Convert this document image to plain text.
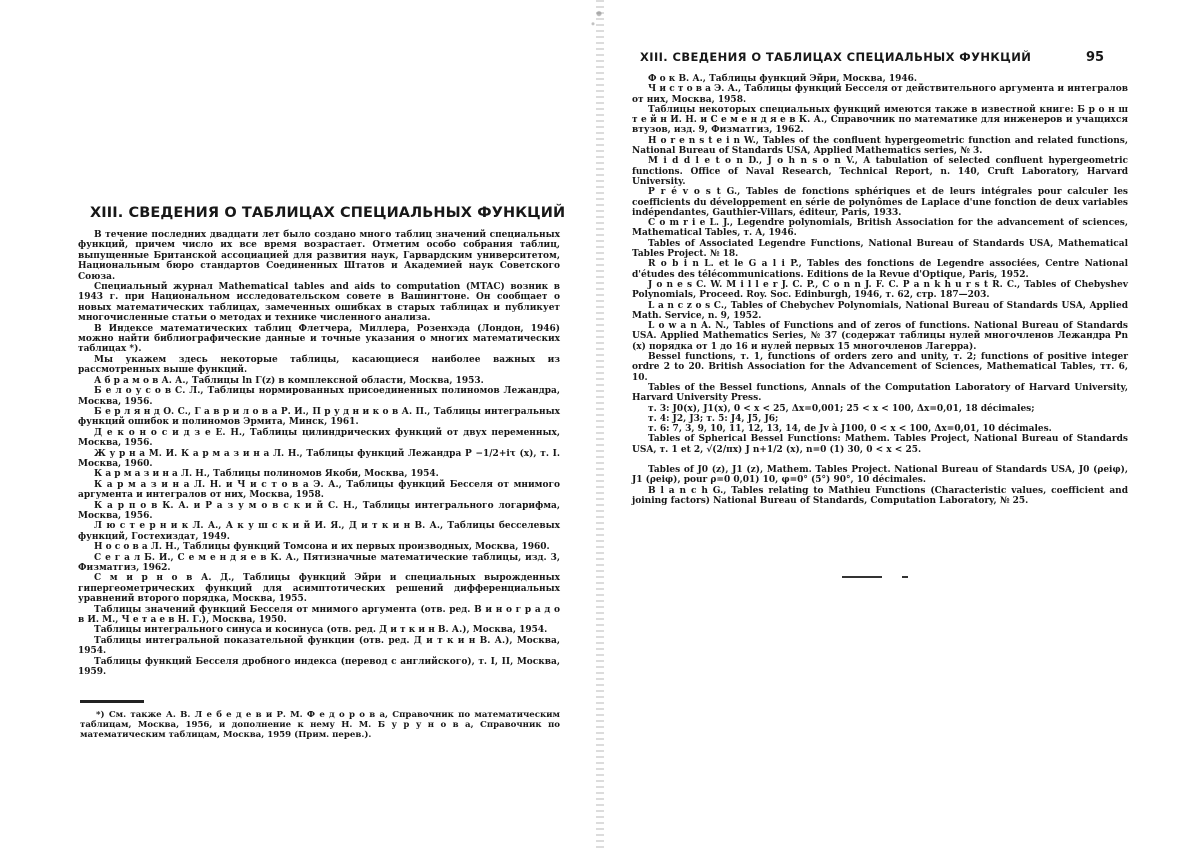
XIII. СВЕДЕНИЯ О ТАБЛИЦАХ СПЕЦИАЛЬНЫХ ФУНКЦИЙ

В течение последних двадцати лет было создано много таблиц значений специальных функций, причем число их все время возрастает. Отметим особо собрания таблиц, выпущенные Британской ассоциацией для развития наук, Гарвардским университетом, Национальным бюро стандартов Соединенных Штатов и Академией наук Советского Союза.

Специальный журнал Mathematical tables and aids to computation (MTAC) возник в 1943 г. при Национальном исследовательском совете в Вашингтоне. Он сообщает о новых математических таблицах, замеченных ошибках в старых таблицах и публикует многочисленные статьи о методах и технике численного анализа.

В Индексе математических таблиц Флетчера, Миллера, Розенхэда (Лондон, 1946) можно найти библиографические данные и точные указания о многих математических таблицах *).

Мы укажем здесь некоторые таблицы, касающиеся наиболее важных из рассмотренных выше функций.

А б р а м о в А. А., Таблицы ln Γ(z) в комплексной области, Москва, 1953.

Б е л о у с о в С. Л., Таблицы нормированных присоединенных полиномов Лежандра, Москва, 1956.

Б е р л я н д О. С., Г а в р и л о в а Р. И., П р у д н и к о в А. П., Таблицы интегральных функций ошибок и полиномов Эрмита, Минск, 1961.

Д е к о н о с и д з е Е. Н., Таблицы цилиндрических функций от двух переменных, Москва, 1956.

Ж у р н а М. И. К а р м а з и н а Л. Н., Таблицы функций Лежандра P −1/2+iτ (x), т. I. Москва, 1960.

К а р м а з и н а Л. Н., Таблицы полиномов Якоби, Москва, 1954.

К а р м а з и н а Л. Н. и Ч и с т о в а Э. А., Таблицы функций Бесселя от мнимого аргумента и интегралов от них, Москва, 1958.

К а р п о в К. А. и Р а з у м о в с к и й С. Н., Таблицы интегрального логарифма, Москва, 1956.

Л ю с т е р н и к Л. А., А к у ш с к и й И. Я., Д и т к и н В. А., Таблицы бесселевых функций, Гостехиздат, 1949.

Н о с о в а Л. Н., Таблицы функций Томсона и их первых производных, Москва, 1960.

С е г а л Б. И., С е м е н д я е в К. А., Пятизначные математические таблицы, изд. 3, Физматгиз, 1962.

С м и р н о в А. Д., Таблицы функций Эйри и специальных вырожденных гипергеометрических функций для асимптотических решений дифференциальных уравнений второго порядка, Москва, 1955.

Таблицы значений функций Бесселя от мнимого аргумента (отв. ред. В и н о г р а д о в И. М., Ч е т а е в Н. Г.), Москва, 1950.

Таблицы интегрального синуса и косинуса (отв. ред. Д и т к и н В. А.), Москва, 1954.

Таблицы интегральной показательной функции (отв. ред. Д и т к и н В. А.), Москва, 1954.

Таблицы функций Бесселя дробного индекса (перевод с английского), т. I, II, Москва, 1959.

*) См. также А. В. Л е б е д е в и Р. М. Ф е д о р о в а, Справочник по математическим таблицам, Москва, 1956, и дополнение к нему Н. М. Б у р у н о в а, Справочник по математическим таблицам, Москва, 1959 (Прим. перев.).

XIII. СВЕДЕНИЯ О ТАБЛИЦАХ СПЕЦИАЛЬНЫХ ФУНКЦИЙ	95

Ф о к В. А., Таблицы функций Эйри, Москва, 1946.

Ч и с т о в а Э. А., Таблицы функций Бесселя от действительного аргумента и интегралов от них, Москва, 1958.

Таблицы некоторых специальных функций имеются также в известной книге: Б р о н ш т е й н И. Н. и С е м е н д я е в К. А., Справочник по математике для инженеров и учащихся втузов, изд. 9, Физматгиз, 1962.

H o r e n s t e i n W., Tables of the confluent hypergeometric function and related functions, National Bureau of Standards USA, Applied Mathematics series, № 3.

M i d d l e t o n D., J o h n s o n V., A tabulation of selected confluent hypergeometric functions. Office of Naval Research, Technical Report, n. 140, Cruft Laboratory, Harvard University.

P r é v o s t G., Tables de fonctions sphériques et de leurs intégrales pour calculer les coefficients du développement en série de polynômes de Laplace d'une fonction de deux variables indépendantes, Gauthier-Villars, éditeur, Paris, 1933.

C o m r i e L. J., Legendre polynomials, British Association for the advancement of sciences, Mathematical Tables, т. A, 1946.

Tables of Associated Legendre Functions, National Bureau of Standards USA, Mathematical Tables Project. № 18.

R o b i n L. et le G a l i P., Tables des fonctions de Legendre associées, Centre National d'études des télécommunications. Editions de la Revue d'Optique, Paris, 1952.

J o n e s C. W. M i l l e r J. C. P., C o n n J. F. C. P a n k h u r s t R. C., Tables of Chebyshev Polynomials, Proceed. Roy. Soc. Edinburgh, 1946, т. 62, стр. 187—203.

L a n c z o s C., Tables of Chebychev Polynomials, National Bureau of Standards USA, Applied Math. Service, n. 9, 1952.

L o w a n A. N., Tables of Functions and of zeros of functions. National Bureau of Standards USA. Applied Mathematics Series, № 37 (содержат таблицы нулей многочленов Лежандра Pn (x) порядка от 1 до 16 и нулей первых 15 многочленов Лагерра).

Bessel functions, т. 1, functions of orders zero and unity, т. 2; functions of positive integer ordre 2 to 20. British Association for the Advancement of Sciences, Mathematical Tables, тт. 6, 10.

Tables of the Bessel functions, Annals of the Computation Laboratory of Harvard University, Harvard University Press.

т. 3: J0(x), J1(x), 0 < x < 25, Δx=0,001; 25 < x < 100, Δx=0,01, 18 décimales;

т. 4: J2, J3; т. 5: J4, J5, J6;

т. 6: 7, 3, 9, 10, 11, 12, 13, 14, de Jv à J100, 0 < x < 100, Δx=0,01, 10 décimales.

Tables of Spherical Bessel Functions: Mathem. Tables Project, National Bureau of Standards USA, т. 1 et 2, √(2/πx) J n+1/2 (x), n=0 (1) 30, 0 < x < 25.

Tables of J0 (z), J1 (z), Mathem. Tables Project. National Bureau of Standards USA, J0 (ρeiφ), J1 (ρeiφ), pour ρ=0 0,01) 10, φ=0° (5°) 90°, 10 décimales.

B l a n c h G., Tables relating to Mathieu Functions (Characteristic values, coefficient and joining factors) National Bureau of Standards, Computation Laboratory, № 25.
